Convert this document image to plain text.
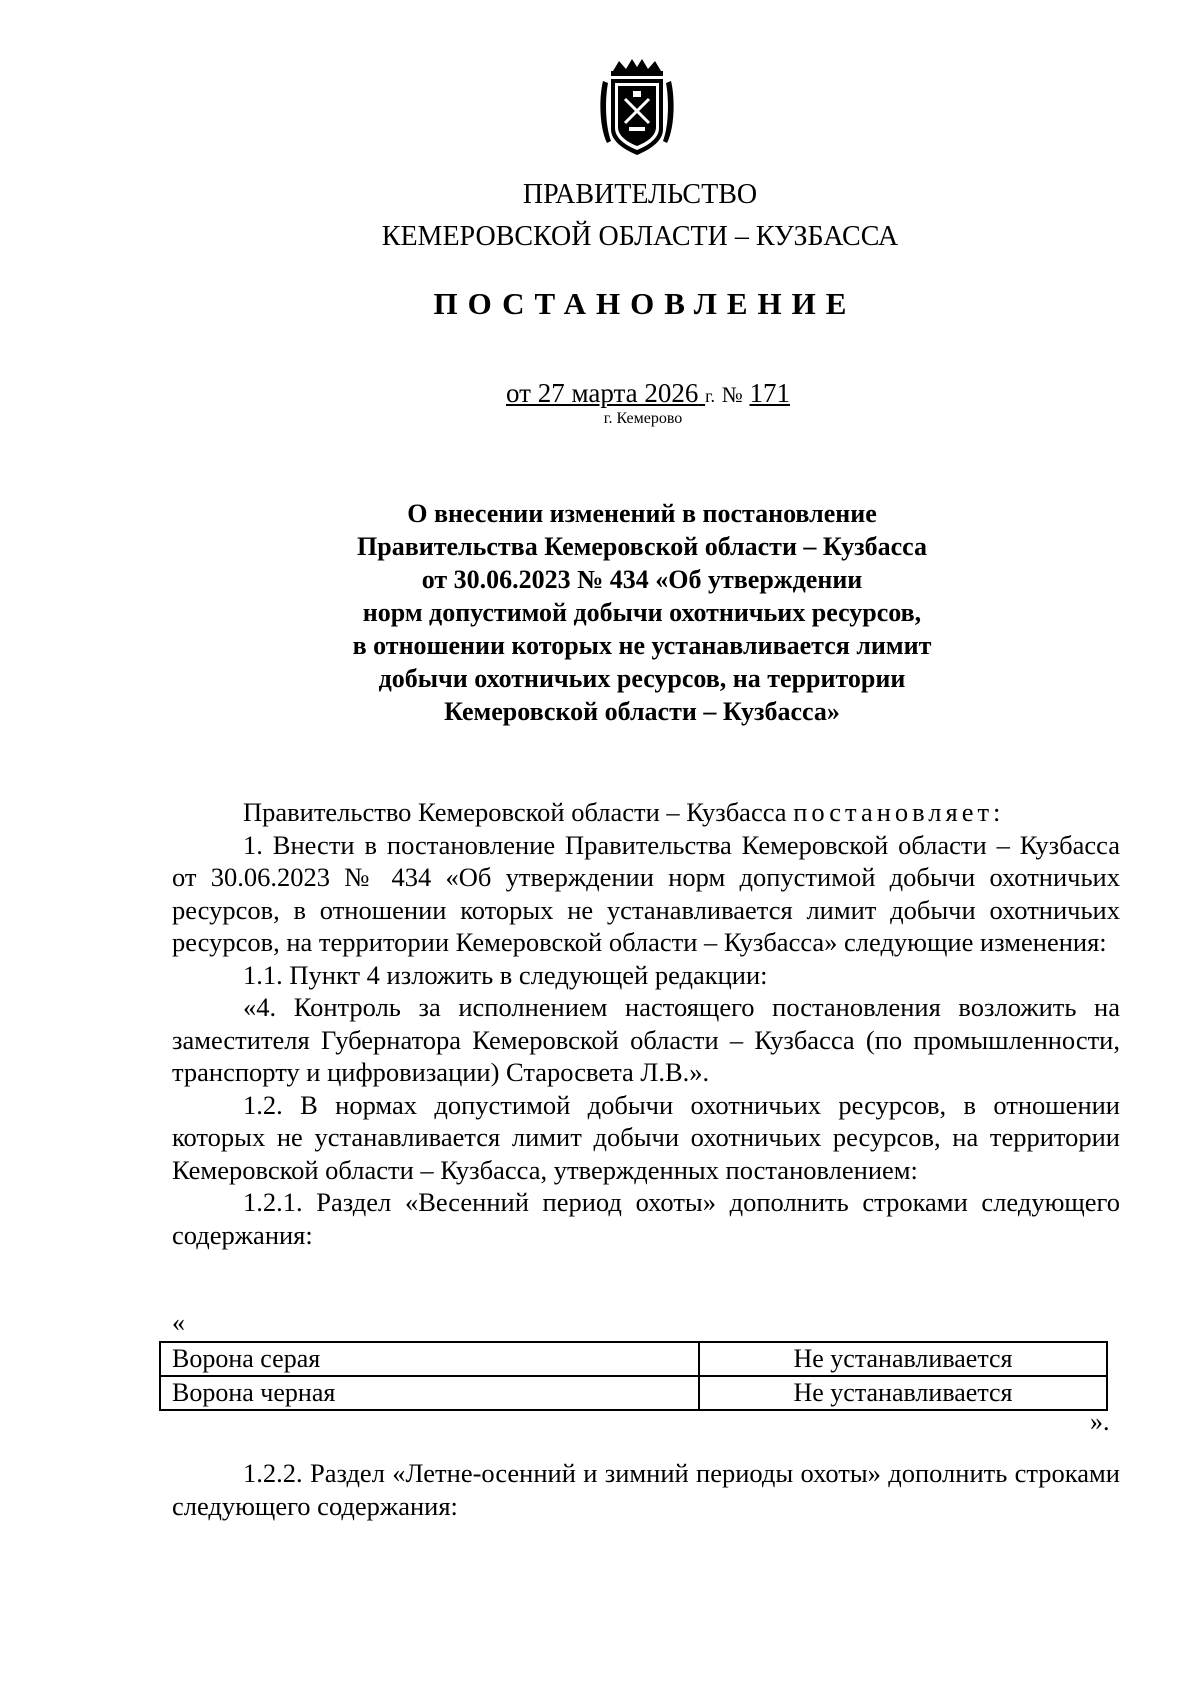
ПРАВИТЕЛЬСТВО
КЕМЕРОВСКОЙ ОБЛАСТИ – КУЗБАССА
ПОСТАНОВЛЕНИЕ
от 27 марта 2026 г. № 171
г. Кемерово
О внесении изменений в постановление
Правительства Кемеровской области – Кузбасса
от 30.06.2023 № 434 «Об утверждении
норм допустимой добычи охотничьих ресурсов,
в отношении которых не устанавливается лимит
добычи охотничьих ресурсов, на территории
Кемеровской области – Кузбасса»

Правительство Кемеровской области – Кузбасса постановляет:

1. Внести в постановление Правительства Кемеровской области – Кузбасса от 30.06.2023 № 434 «Об утверждении норм допустимой добычи охотничьих ресурсов, в отношении которых не устанавливается лимит добычи охотничьих ресурсов, на территории Кемеровской области – Кузбасса» следующие изменения:

1.1. Пункт 4 изложить в следующей редакции:

«4. Контроль за исполнением настоящего постановления возложить на заместителя Губернатора Кемеровской области – Кузбасса (по промышленности, транспорту и цифровизации) Старосвета Л.В.».

1.2. В нормах допустимой добычи охотничьих ресурсов, в отношении которых не устанавливается лимит добычи охотничьих ресурсов, на территории Кемеровской области – Кузбасса, утвержденных постановлением:

1.2.1. Раздел «Весенний период охоты» дополнить строками следующего содержания:

«
Ворона серая	Не устанавливается
Ворона черная	Не устанавливается
».

1.2.2. Раздел «Летне-осенний и зимний периоды охоты» дополнить строками следующего содержания:
